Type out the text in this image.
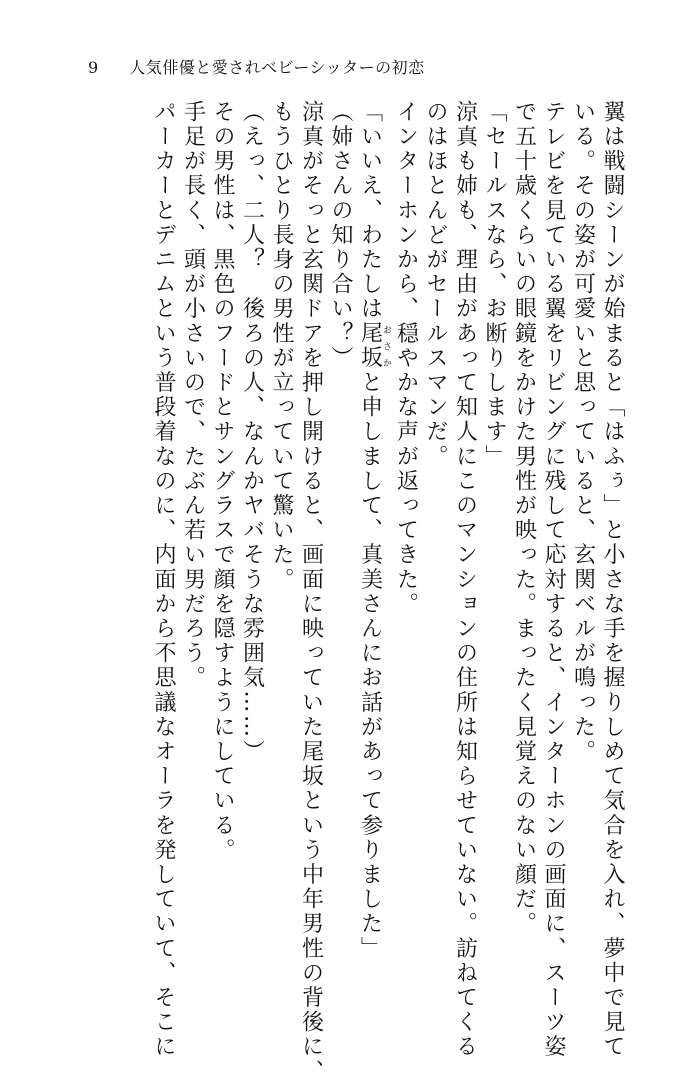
9 人気俳優と愛されベビーシッターの初恋
翼は戦闘シーンが始まると「はふぅ」と小さな手を握りしめて気合を入れ、夢中で見て
いる。その姿が可愛いと思っていると、玄関ベルが鳴った。
テレビを見ている翼をリビングに残して応対すると、インターホンの画面に、スーツ姿
で五十歳くらいの眼鏡をかけた男性が映った。まったく見覚えのない顔だ。
「セールスなら、お断りします」
涼真も姉も、理由があって知人にこのマンションの住所は知らせていない。訪ねてくる
のはほとんどがセールスマンだ。
インターホンから、穏やかな声が返ってきた。
「いいえ、わたしは尾坂おさかと申しまして、真美さんにお話があって参りました」
（姉さんの知り合い？）
涼真がそっと玄関ドアを押し開けると、画面に映っていた尾坂という中年男性の背後に、
もうひとり長身の男性が立っていて驚いた。
（えっ、二人？　後ろの人、なんかヤバそうな雰囲気……）
その男性は、黒色のフードとサングラスで顔を隠すようにしている。
手足が長く、頭が小さいので、たぶん若い男だろう。
パーカーとデニムという普段着なのに、内面から不思議なオーラを発していて、そこに
